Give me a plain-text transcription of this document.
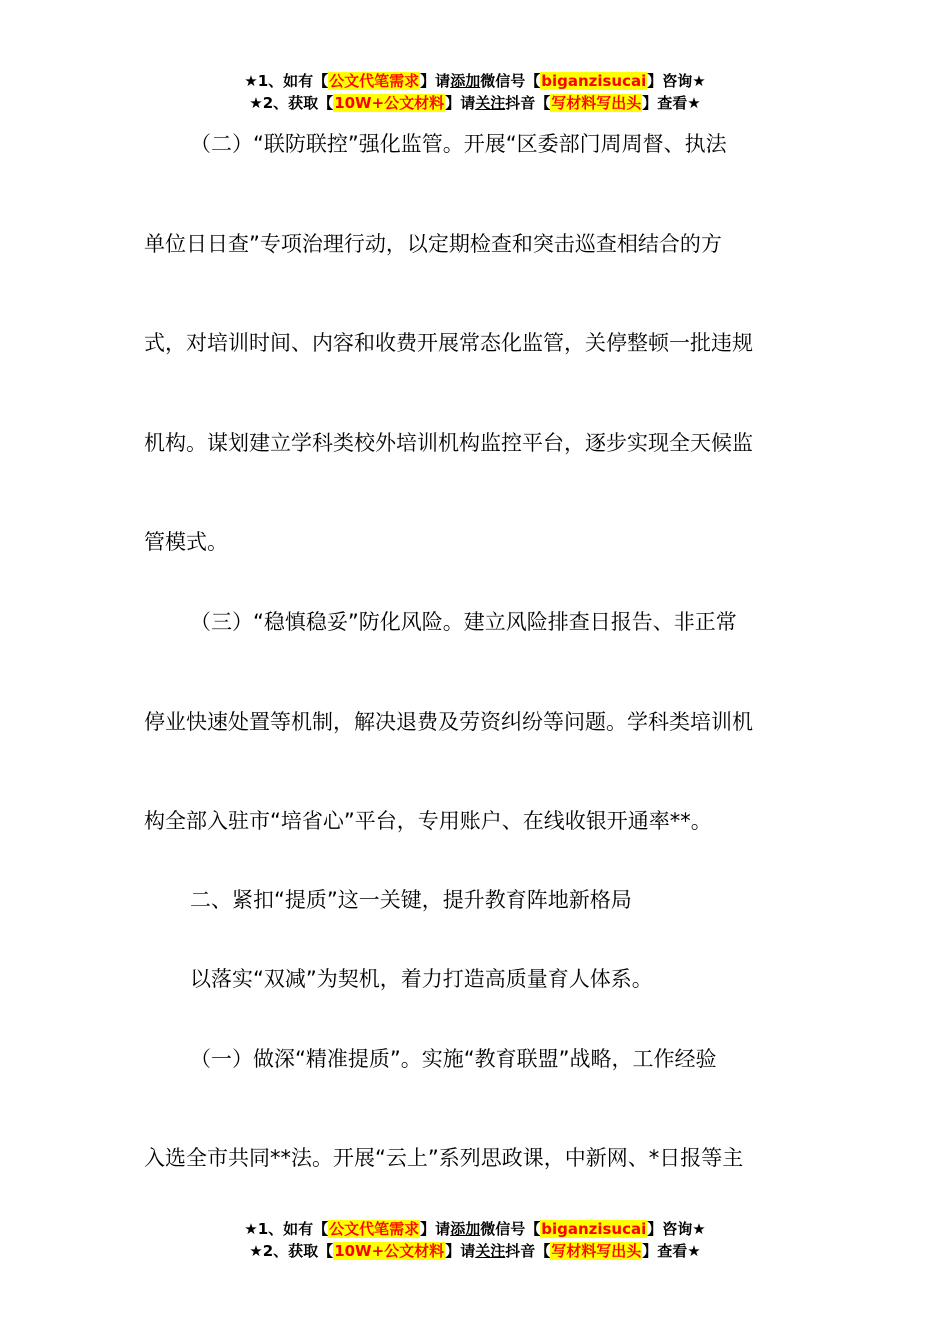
★1、如有【公文代笔需求】请添加微信号【biganzisucai】咨询★
★2、获取【10W+公文材料】请关注抖音【写材料写出头】查看★
（二）“联防联控”强化监管。开展“区委部门周周督、执法
单位日日查”专项治理行动，以定期检查和突击巡查相结合的方
式，对培训时间、内容和收费开展常态化监管，关停整顿一批违规
机构。谋划建立学科类校外培训机构监控平台，逐步实现全天候监
管模式。
（三）“稳慎稳妥”防化风险。建立风险排查日报告、非正常
停业快速处置等机制，解决退费及劳资纠纷等问题。学科类培训机
构全部入驻市“培省心”平台，专用账户、在线收银开通率**。
二、紧扣“提质”这一关键，提升教育阵地新格局
以落实“双减”为契机，着力打造高质量育人体系。
（一）做深“精准提质”。实施“教育联盟”战略，工作经验
入选全市共同**法。开展“云上”系列思政课，中新网、*日报等主
★1、如有【公文代笔需求】请添加微信号【biganzisucai】咨询★
★2、获取【10W+公文材料】请关注抖音【写材料写出头】查看★
